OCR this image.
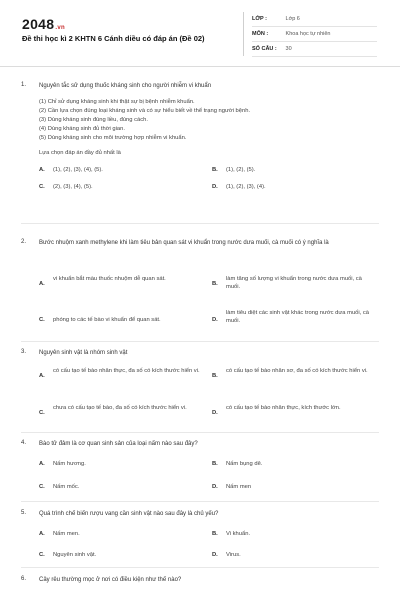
2048.vn
Đề thi học kì 2 KHTN 6 Cánh diều có đáp án (Đề 02)
LỚP :	Lớp 6
MÔN :	Khoa học tự nhiên
SỐ CÂU : 30
1. Nguyên tắc sử dụng thuốc kháng sinh cho người nhiễm vi khuẩn
(1) Chỉ sử dụng kháng sinh khi thật sự bị bệnh nhiễm khuẩn.
(2) Cần lựa chọn đúng loại kháng sinh và có sự hiểu biết về thể trạng người bệnh.
(3) Dùng kháng sinh đúng liều, đúng cách.
(4) Dùng kháng sinh đủ thời gian.
(5) Dùng kháng sinh cho môi trường hợp nhiễm vi khuẩn.
Lựa chọn đáp án đầy đủ nhất là
A. (1), (2), (3), (4), (5).	B. (1), (2), (5).
C. (2), (3), (4), (5).	D. (1), (2), (3), (4).
2. Bước nhuộm xanh methylene khi làm tiêu bản quan sát vi khuẩn trong nước dưa muối, cà muối có ý nghĩa là
A.
vi khuẩn bắt màu thuốc nhuộm dễ quan sát.
B.
làm tăng số lượng vi khuẩn trong nước dưa muối, cà muối.
C. phóng to các tế bào vi khuẩn để quan sát.	D.
làm tiêu diệt các sinh vật khác trong nước dưa muối, cà muối.
3. Nguyên sinh vật là nhóm sinh vật
A.
có cấu tạo tế bào nhân thực, đa số có kích thước hiển vi.
B.
có cấu tạo tế bào nhân sơ, đa số có kích thước hiển vi.
C.
chưa có cấu tạo tế bào, đa số có kích thước hiển vi.
D.
có cấu tạo tế bào nhân thực, kích thước lớn.
4. Bào tử đảm là cơ quan sinh sản của loại nấm nào sau đây?
A. Nấm hương.	B. Nấm bụng dê.
C. Nấm mốc.	D. Nấm men
5. Quá trình chế biến rượu vang cần sinh vật nào sau đây là chủ yếu?
A. Nấm men.	B. Vi khuẩn.
C. Nguyên sinh vật.	D. Virus.
6. Cây rêu thường mọc ở nơi có điều kiện như thế nào?
